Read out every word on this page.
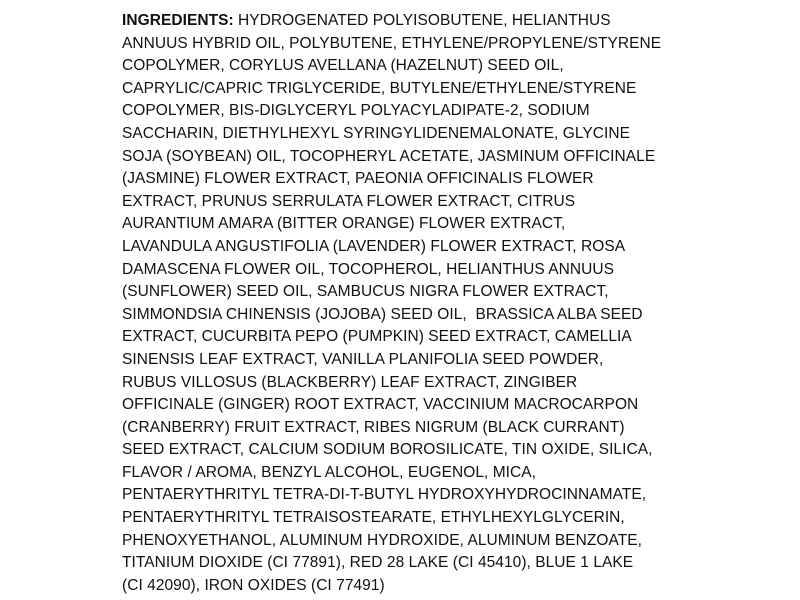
INGREDIENTS: HYDROGENATED POLYISOBUTENE, HELIANTHUS
ANNUUS HYBRID OIL, POLYBUTENE, ETHYLENE/PROPYLENE/STYRENE
COPOLYMER, CORYLUS AVELLANA (HAZELNUT) SEED OIL,
CAPRYLIC/CAPRIC TRIGLYCERIDE, BUTYLENE/ETHYLENE/STYRENE
COPOLYMER, BIS-DIGLYCERYL POLYACYLADIPATE-2, SODIUM
SACCHARIN, DIETHYLHEXYL SYRINGYLIDENEMALONATE, GLYCINE
SOJA (SOYBEAN) OIL, TOCOPHERYL ACETATE, JASMINUM OFFICINALE
(JASMINE) FLOWER EXTRACT, PAEONIA OFFICINALIS FLOWER
EXTRACT, PRUNUS SERRULATA FLOWER EXTRACT, CITRUS
AURANTIUM AMARA (BITTER ORANGE) FLOWER EXTRACT,
LAVANDULA ANGUSTIFOLIA (LAVENDER) FLOWER EXTRACT, ROSA
DAMASCENA FLOWER OIL, TOCOPHEROL, HELIANTHUS ANNUUS
(SUNFLOWER) SEED OIL, SAMBUCUS NIGRA FLOWER EXTRACT,
SIMMONDSIA CHINENSIS (JOJOBA) SEED OIL,  BRASSICA ALBA SEED
EXTRACT, CUCURBITA PEPO (PUMPKIN) SEED EXTRACT, CAMELLIA
SINENSIS LEAF EXTRACT, VANILLA PLANIFOLIA SEED POWDER,
RUBUS VILLOSUS (BLACKBERRY) LEAF EXTRACT, ZINGIBER
OFFICINALE (GINGER) ROOT EXTRACT, VACCINIUM MACROCARPON
(CRANBERRY) FRUIT EXTRACT, RIBES NIGRUM (BLACK CURRANT)
SEED EXTRACT, CALCIUM SODIUM BOROSILICATE, TIN OXIDE, SILICA,
FLAVOR / AROMA, BENZYL ALCOHOL, EUGENOL, MICA,
PENTAERYTHRITYL TETRA-DI-T-BUTYL HYDROXYHYDROCINNAMATE,
PENTAERYTHRITYL TETRAISOSTEARATE, ETHYLHEXYLGLYCERIN,
PHENOXYETHANOL, ALUMINUM HYDROXIDE, ALUMINUM BENZOATE,
TITANIUM DIOXIDE (CI 77891), RED 28 LAKE (CI 45410), BLUE 1 LAKE
(CI 42090), IRON OXIDES (CI 77491)
